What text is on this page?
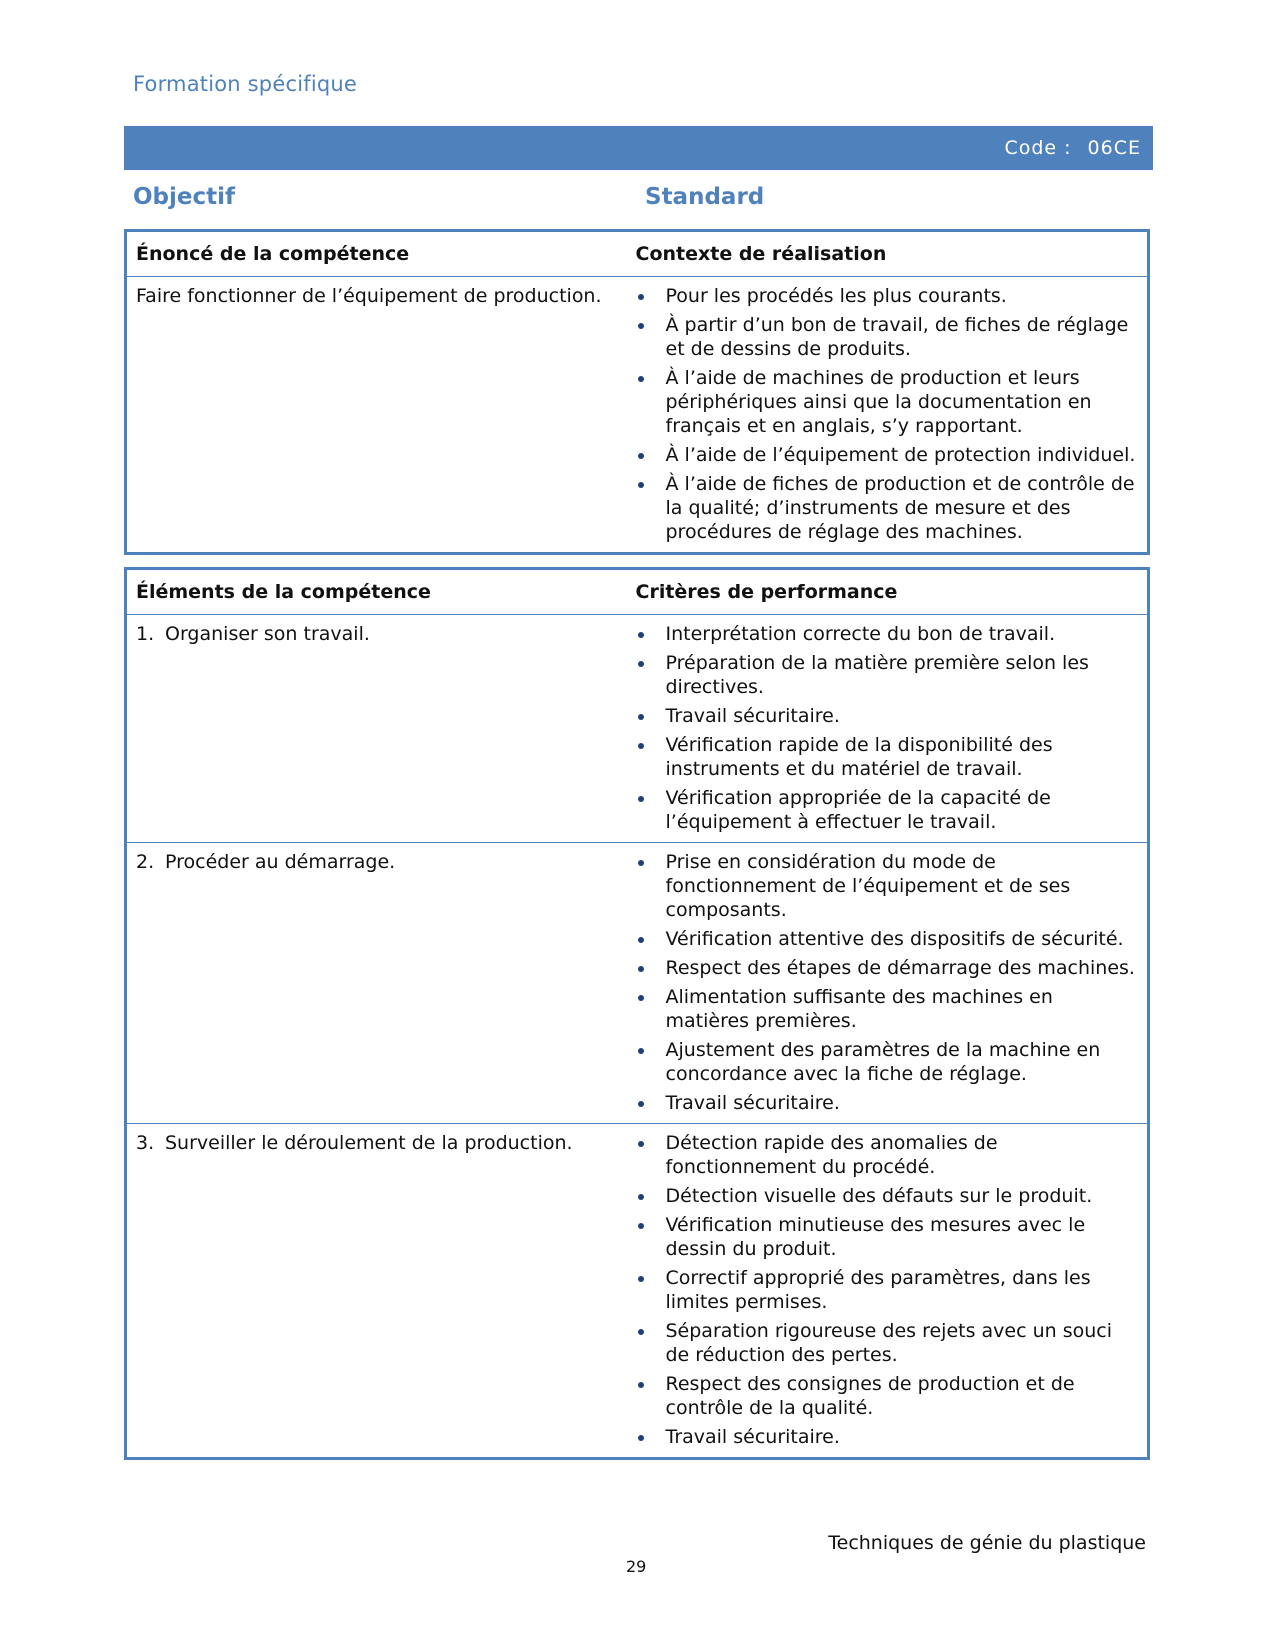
Formation spécifique
Code : 06CE
Objectif	Standard
Énoncé de la compétence	Contexte de réalisation
Faire fonctionner de l’équipement de production.	Pour les procédés les plus courants.
À partir d’un bon de travail, de fiches de réglage et de dessins de produits.
À l’aide de machines de production et leurs périphériques ainsi que la documentation en français et en anglais, s’y rapportant.
À l’aide de l’équipement de protection individuel.
À l’aide de fiches de production et de contrôle de la qualité; d’instruments de mesure et des procédures de réglage des machines.
Éléments de la compétence	Critères de performance
1. Organiser son travail.	Interprétation correcte du bon de travail.
Préparation de la matière première selon les directives.
Travail sécuritaire.
Vérification rapide de la disponibilité des instruments et du matériel de travail.
Vérification appropriée de la capacité de l’équipement à effectuer le travail.

2. Procéder au démarrage.	Prise en considération du mode de fonctionnement de l’équipement et de ses composants.
Vérification attentive des dispositifs de sécurité.
Respect des étapes de démarrage des machines.
Alimentation suffisante des machines en matières premières.
Ajustement des paramètres de la machine en concordance avec la fiche de réglage.
Travail sécuritaire.

3. Surveiller le déroulement de la production.	Détection rapide des anomalies de fonctionnement du procédé.
Détection visuelle des défauts sur le produit.
Vérification minutieuse des mesures avec le dessin du produit.
Correctif approprié des paramètres, dans les limites permises.
Séparation rigoureuse des rejets avec un souci de réduction des pertes.
Respect des consignes de production et de contrôle de la qualité.
Travail sécuritaire.
Techniques de génie du plastique
29
